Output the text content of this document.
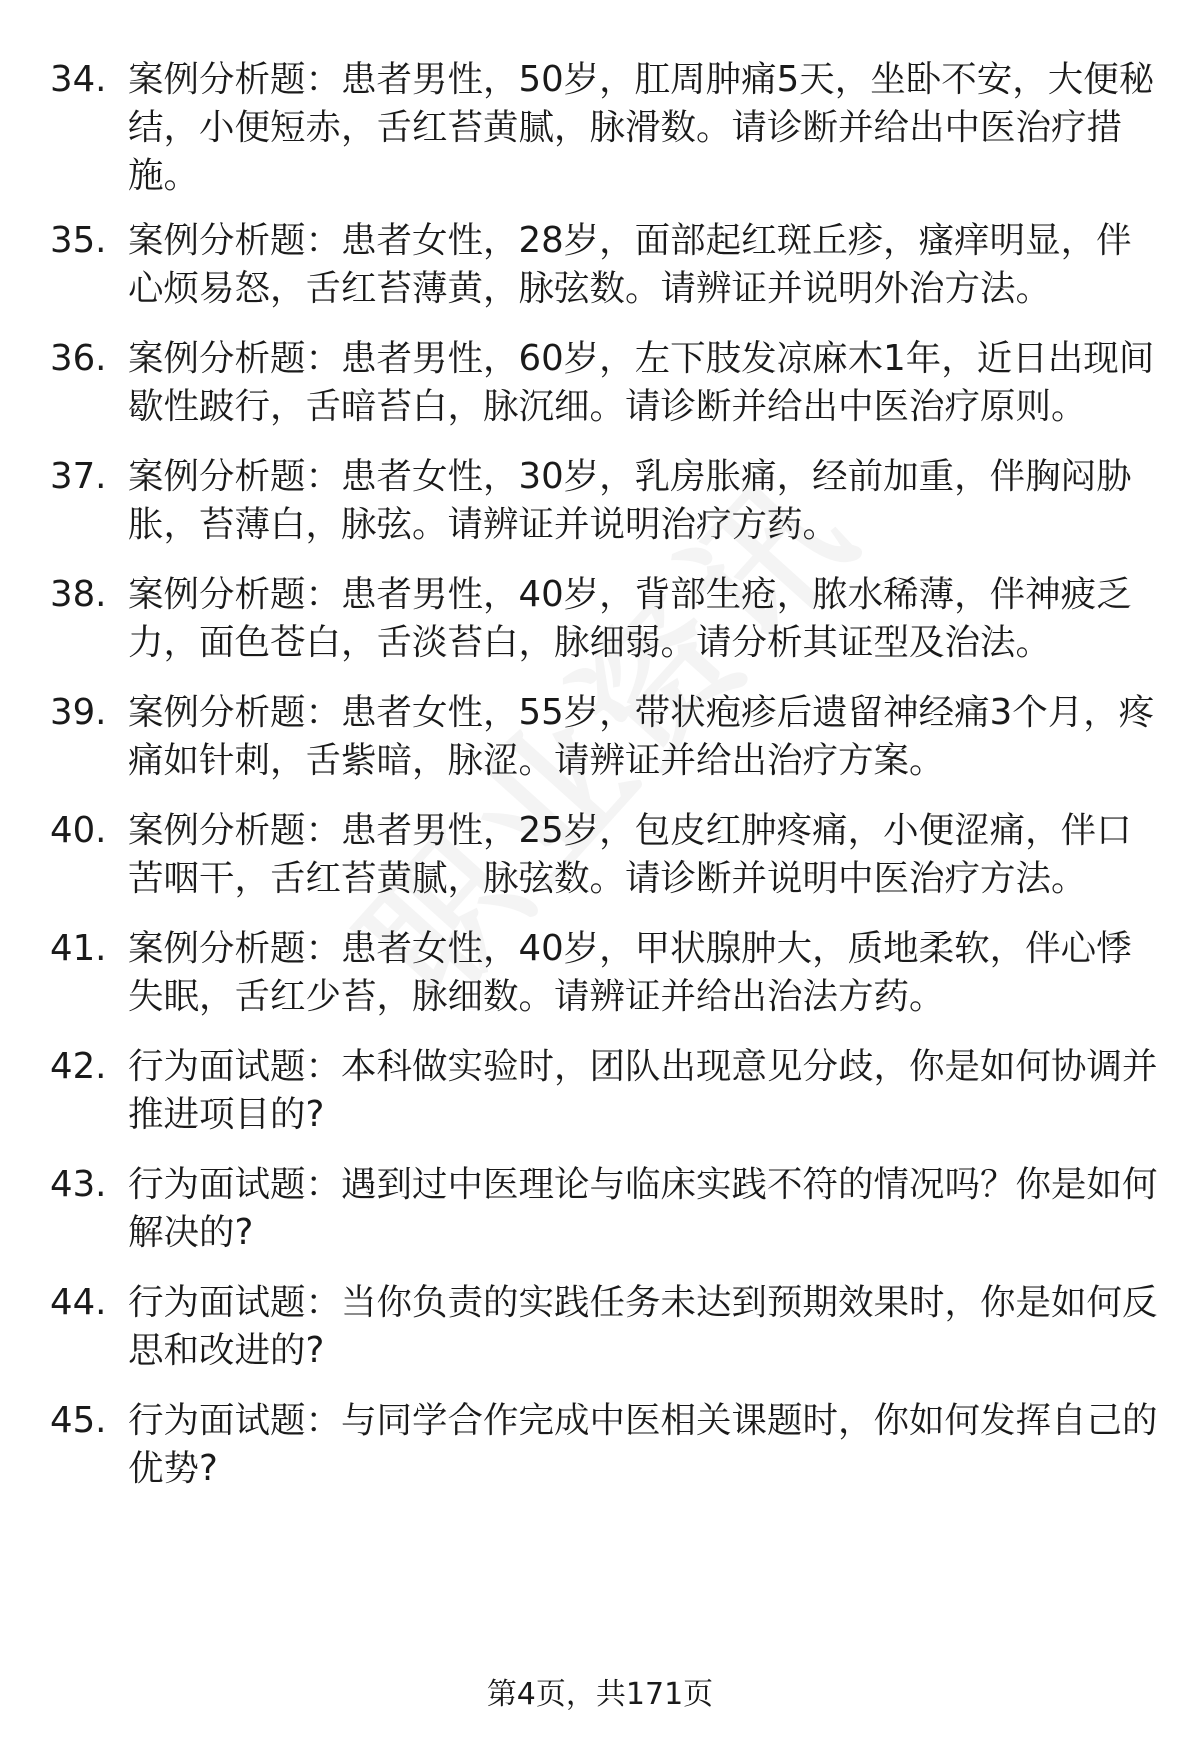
34. 案例分析题：患者男性，50岁，肛周肿痛5天，坐卧不安，大便秘结，小便短赤，舌红苔黄腻，脉滑数。请诊断并给出中医治疗措施。
35. 案例分析题：患者女性，28岁，面部起红斑丘疹，瘙痒明显，伴心烦易怒，舌红苔薄黄，脉弦数。请辨证并说明外治方法。
36. 案例分析题：患者男性，60岁，左下肢发凉麻木1年，近日出现间歇性跛行，舌暗苔白，脉沉细。请诊断并给出中医治疗原则。
37. 案例分析题：患者女性，30岁，乳房胀痛，经前加重，伴胸闷胁胀，苔薄白，脉弦。请辨证并说明治疗方药。
38. 案例分析题：患者男性，40岁，背部生疮，脓水稀薄，伴神疲乏力，面色苍白，舌淡苔白，脉细弱。请分析其证型及治法。
39. 案例分析题：患者女性，55岁，带状疱疹后遗留神经痛3个月，疼痛如针刺，舌紫暗，脉涩。请辨证并给出治疗方案。
40. 案例分析题：患者男性，25岁，包皮红肿疼痛，小便涩痛，伴口苦咽干，舌红苔黄腻，脉弦数。请诊断并说明中医治疗方法。
41. 案例分析题：患者女性，40岁，甲状腺肿大，质地柔软，伴心悸失眠，舌红少苔，脉细数。请辨证并给出治法方药。
42. 行为面试题：本科做实验时，团队出现意见分歧，你是如何协调并推进项目的?
43. 行为面试题：遇到过中医理论与临床实践不符的情况吗？你是如何解决的?
44. 行为面试题：当你负责的实践任务未达到预期效果时，你是如何反思和改进的?
45. 行为面试题：与同学合作完成中医相关课题时，你如何发挥自己的优势?
第4页，共171页
